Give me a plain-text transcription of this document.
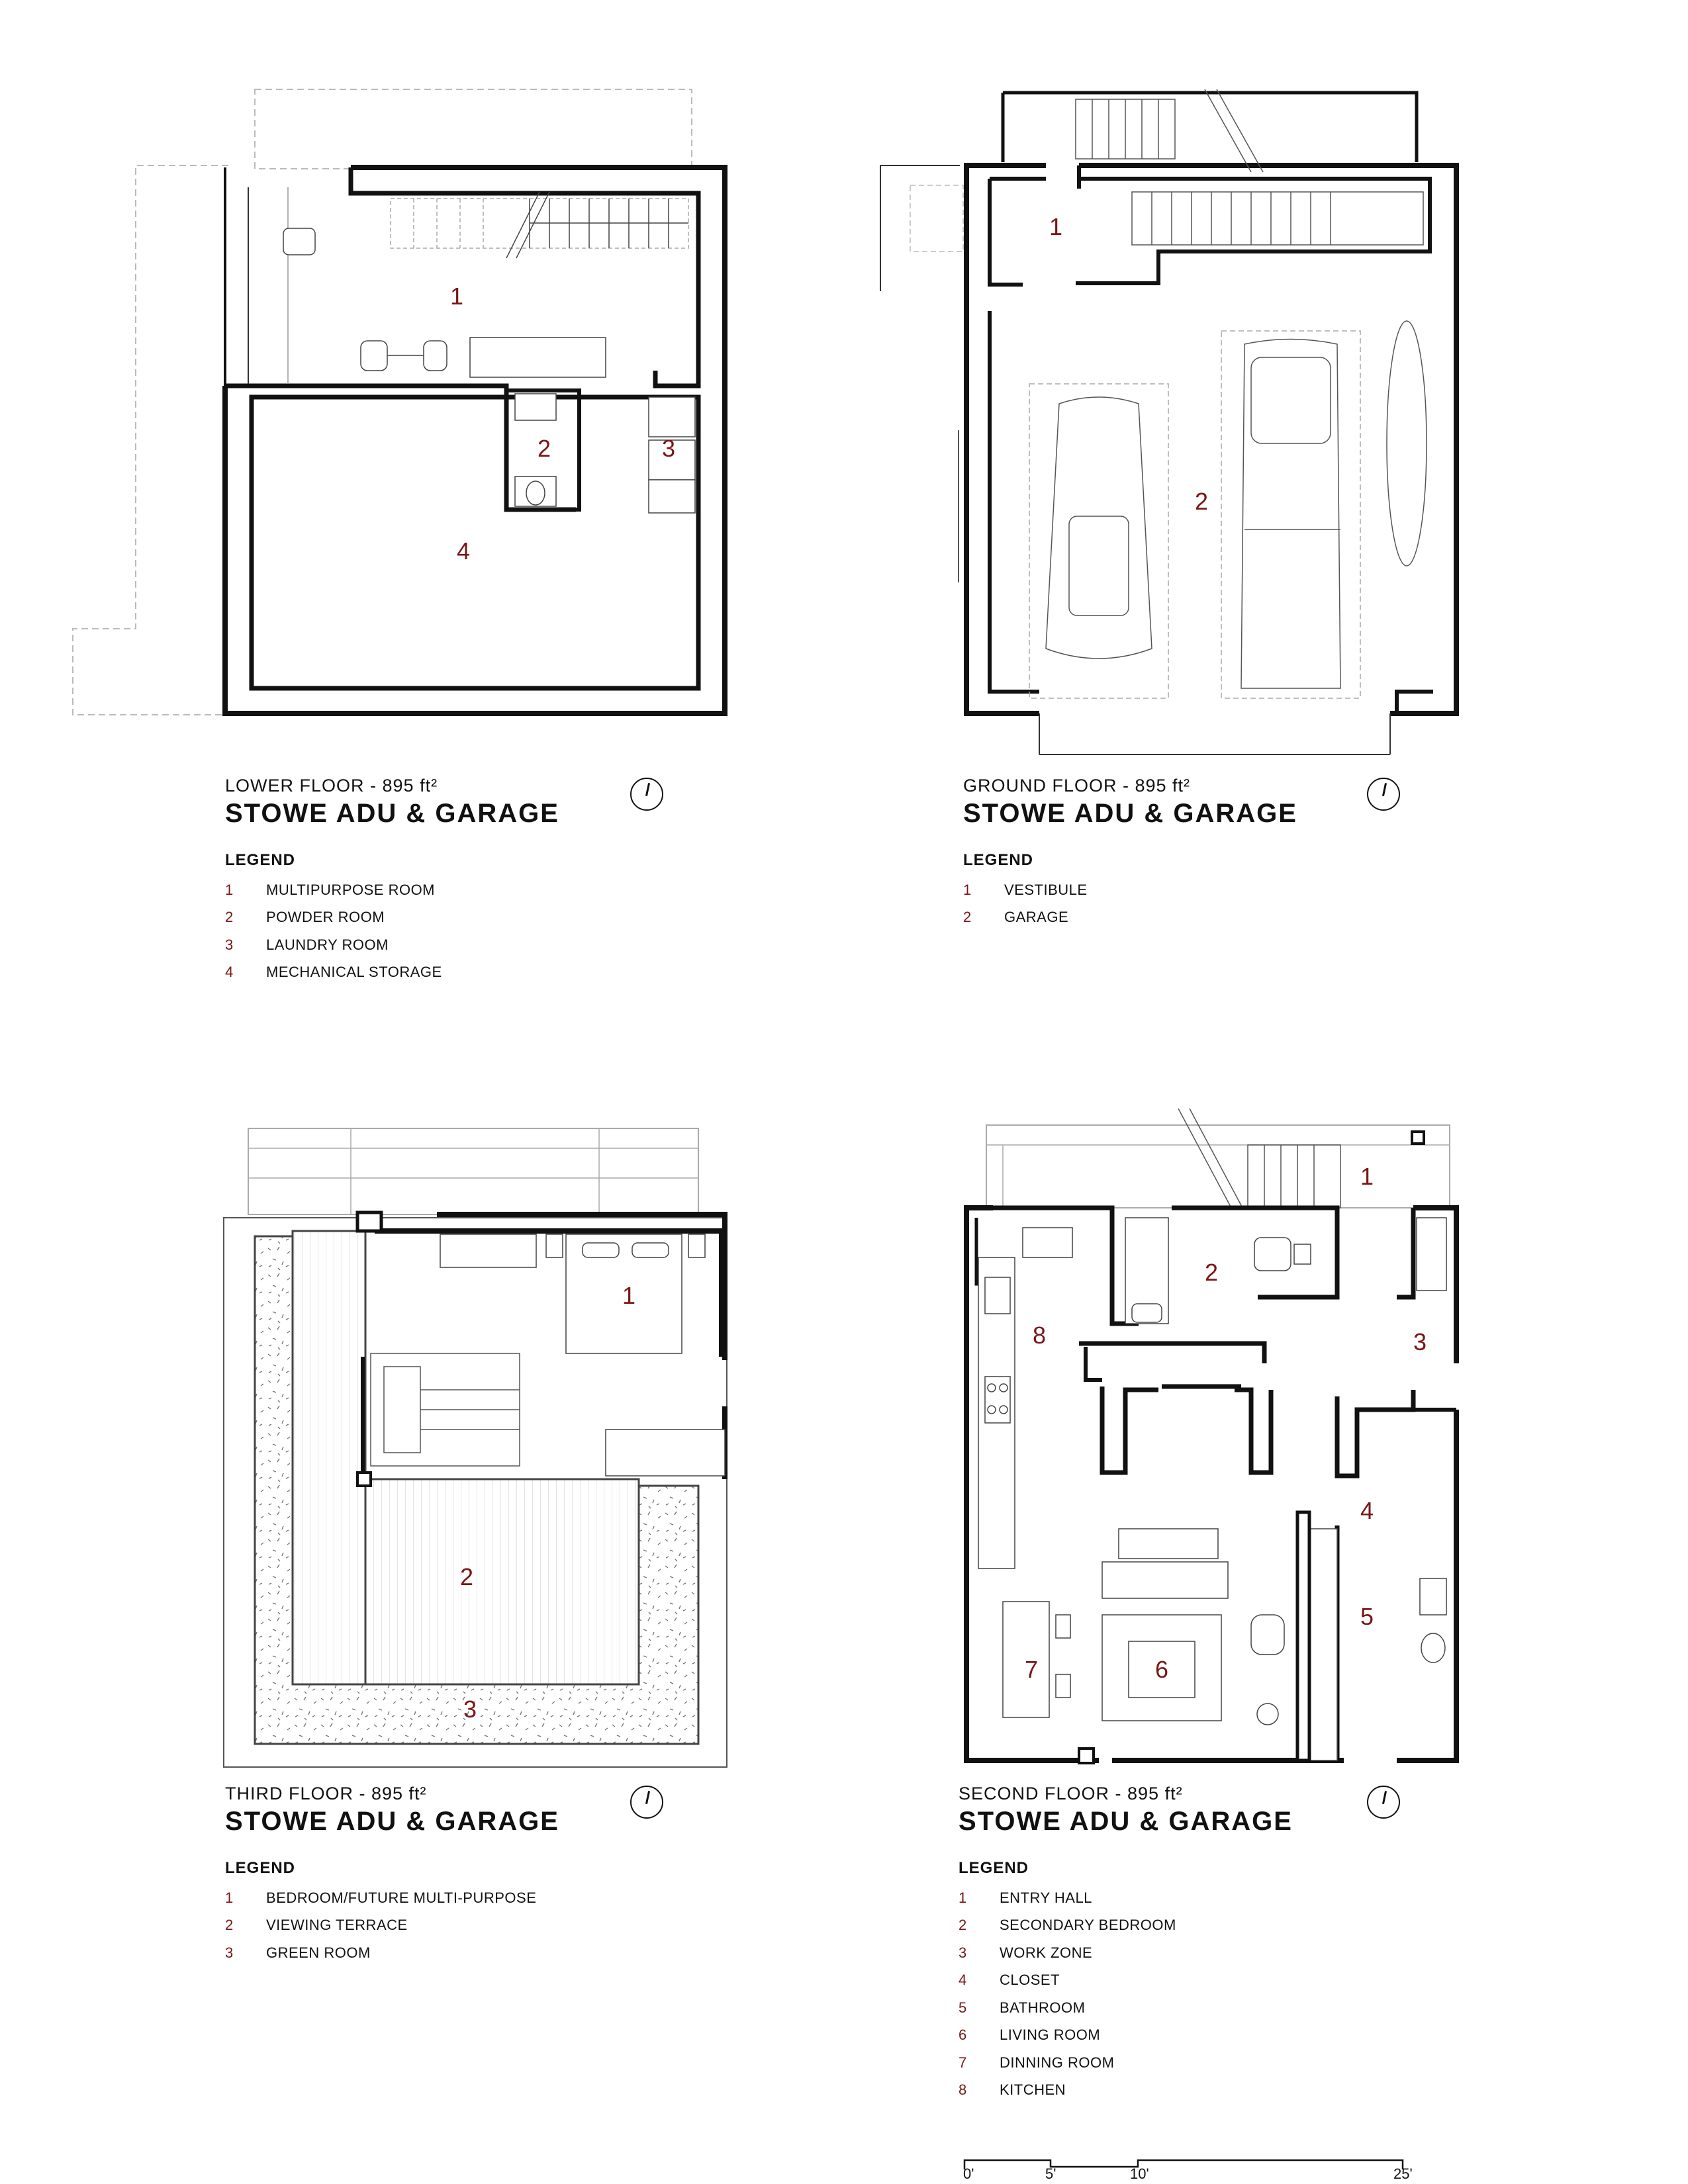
1
2	3
4
1
2
1
2
3
1
2
3
4
5
6
7
8
LOWER FLOOR - 895 ft²
STOWE ADU & GARAGE
LEGEND
1	MULTIPURPOSE ROOM
2	POWDER ROOM
3	LAUNDRY ROOM
4	MECHANICAL STORAGE
GROUND FLOOR - 895 ft²
STOWE ADU & GARAGE
LEGEND
1	VESTIBULE
2	GARAGE
THIRD FLOOR - 895 ft²
STOWE ADU & GARAGE
LEGEND
1	BEDROOM/FUTURE MULTI-PURPOSE
2	VIEWING TERRACE
3	GREEN ROOM
SECOND FLOOR - 895 ft²
STOWE ADU & GARAGE
LEGEND
1	ENTRY HALL
2	SECONDARY BEDROOM
3	WORK ZONE
4	CLOSET
5	BATHROOM
6	LIVING ROOM
7	DINNING ROOM
8	KITCHEN
0'	5'	10'	25'
